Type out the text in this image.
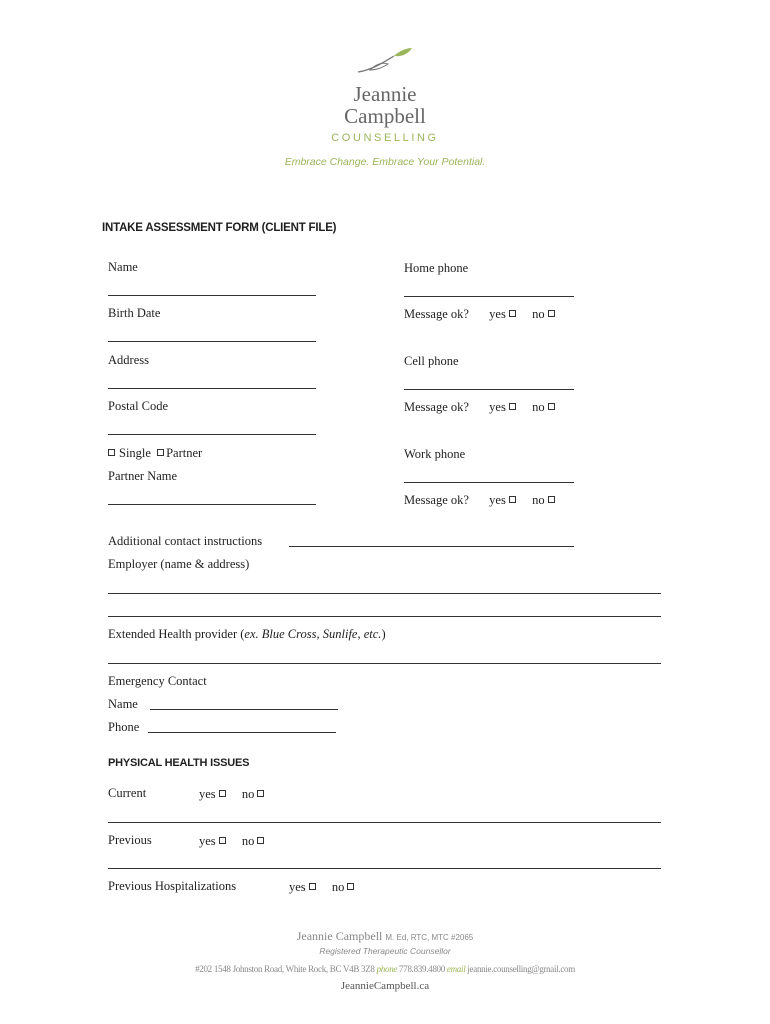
Jeannie
Campbell
COUNSELLING
Embrace Change. Embrace Your Potential.
INTAKE ASSESSMENT FORM (CLIENT FILE)
Name
Birth Date
Address
Postal Code
Single Partner
Partner Name
Home phone
Message ok? yes no
Cell phone
Message ok? yes no
Work phone
Message ok? yes no
Additional contact instructions
Employer (name & address)
Extended Health provider (ex. Blue Cross, Sunlife, etc.)
Emergency Contact
Name
Phone
PHYSICAL HEALTH ISSUES
Current	yes no
Previous	yes no
Previous Hospitalizations	yes no
Jeannie Campbell M. Ed, RTC, MTC #2065
Registered Therapeutic Counsellor
#202 1548 Johnston Road, White Rock, BC V4B 3Z8 phone 778.839.4800 email jeannie.counselling@gmail.com
JeannieCampbell.ca
